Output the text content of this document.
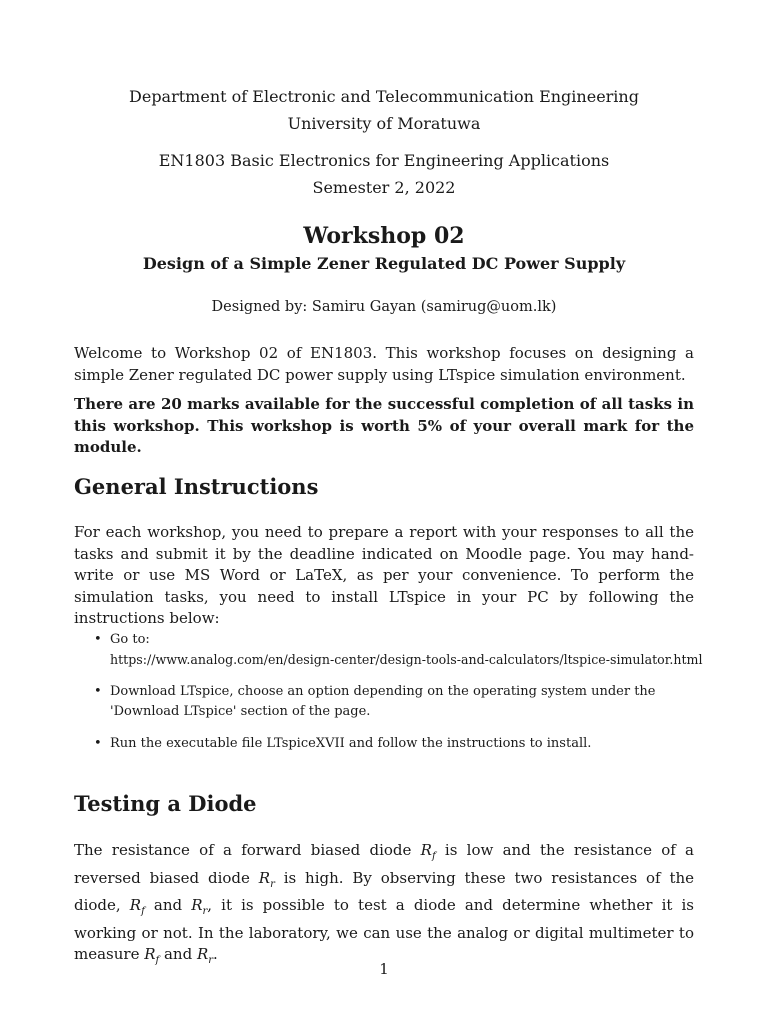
Department of Electronic and Telecommunication Engineering
University of Moratuwa
EN1803 Basic Electronics for Engineering Applications
Semester 2, 2022
Workshop 02
Design of a Simple Zener Regulated DC Power Supply
Designed by: Samiru Gayan (samirug@uom.lk)
Welcome to Workshop 02 of EN1803. This workshop focuses on designing a simple Zener regulated DC power supply using LTspice simulation environment.
There are 20 marks available for the successful completion of all tasks in this workshop. This workshop is worth 5% of your overall mark for the module.
General Instructions
For each workshop, you need to prepare a report with your responses to all the tasks and submit it by the deadline indicated on Moodle page. You may hand-write or use MS Word or LaTeX, as per your convenience. To perform the simulation tasks, you need to install LTspice in your PC by following the instructions below:
• Go to:
https://www.analog.com/en/design-center/design-tools-and-calculators/ltspice-simulator.html
• Download LTspice, choose an option depending on the operating system under the 'Download LTspice' section of the page.
• Run the executable file LTspiceXVII and follow the instructions to install.
Testing a Diode
The resistance of a forward biased diode $R_f$ is low and the resistance of a reversed biased diode $R_r$ is high. By observing these two resistances of the diode, $R_f$ and $R_r$, it is possible to test a diode and determine whether it is working or not. In the laboratory, we can use the analog or digital multimeter to measure $R_f$ and $R_r$.
1
